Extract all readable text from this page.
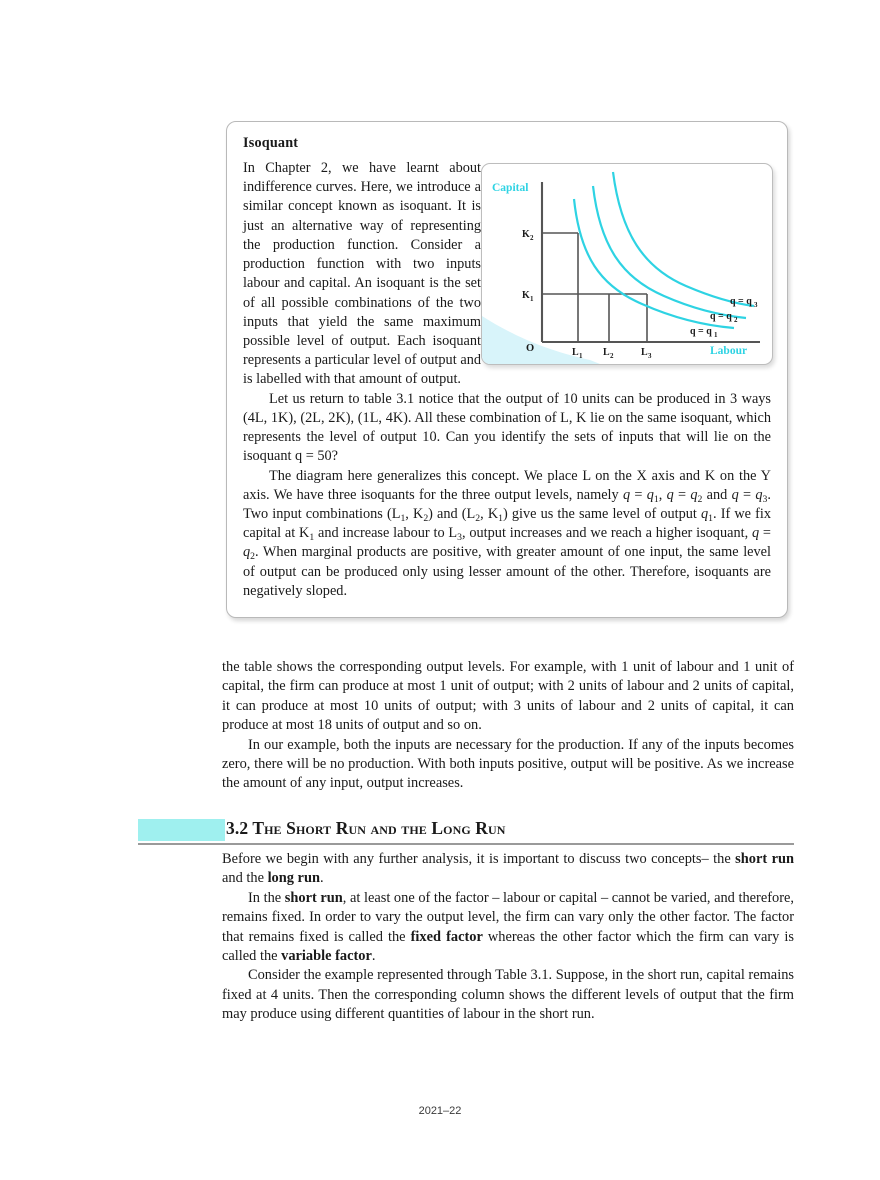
Isoquant
Capital
Labour
O
K 2
K 1
L 1 L 2	L 3
q = q 3
q = q 2
q = q 1

In Chapter 2, we have learnt about indifference curves. Here, we introduce a similar concept known as isoquant. It is just an alternative way of representing the production function. Consider a production function with two inputs labour and capital. An isoquant is the set of all possible combinations of the two inputs that yield the same maximum possible level of output. Each isoquant represents a particular level of output and is labelled with that amount of output.

Let us return to table 3.1 notice that the output of 10 units can be produced in 3 ways (4L, 1K), (2L, 2K), (1L, 4K). All these combination of L, K lie on the same isoquant, which represents the level of output 10. Can you identify the sets of inputs that will lie on the isoquant q = 50?

The diagram here generalizes this concept. We place L on the X axis and K on the Y axis. We have three isoquants for the three output levels, namely $q = q_1$, $q = q_2$ and $q = q_3$. Two input combinations ($L_1$, $K_2$) and ($L_2$, $K_1$) give us the same level of output $q_1$. If we fix capital at $K_1$ and increase labour to $L_3$, output increases and we reach a higher isoquant, $q = q_2$. When marginal products are positive, with greater amount of one input, the same level of output can be produced only using lesser amount of the other. Therefore, isoquants are negatively sloped.

the table shows the corresponding output levels. For example, with 1 unit of labour and 1 unit of capital, the firm can produce at most 1 unit of output; with 2 units of labour and 2 units of capital, it can produce at most 10 units of output; with 3 units of labour and 2 units of capital, it can produce at most 18 units of output and so on.

In our example, both the inputs are necessary for the production. If any of the inputs becomes zero, there will be no production. With both inputs positive, output will be positive. As we increase the amount of any input, output increases.

3.2 The Short Run and the Long Run

Before we begin with any further analysis, it is important to discuss two concepts– the short run and the long run.

In the short run, at least one of the factor – labour or capital – cannot be varied, and therefore, remains fixed. In order to vary the output level, the firm can vary only the other factor. The factor that remains fixed is called the fixed factor whereas the other factor which the firm can vary is called the variable factor.

Consider the example represented through Table 3.1. Suppose, in the short run, capital remains fixed at 4 units. Then the corresponding column shows the different levels of output that the firm may produce using different quantities of labour in the short run.

2021–22
